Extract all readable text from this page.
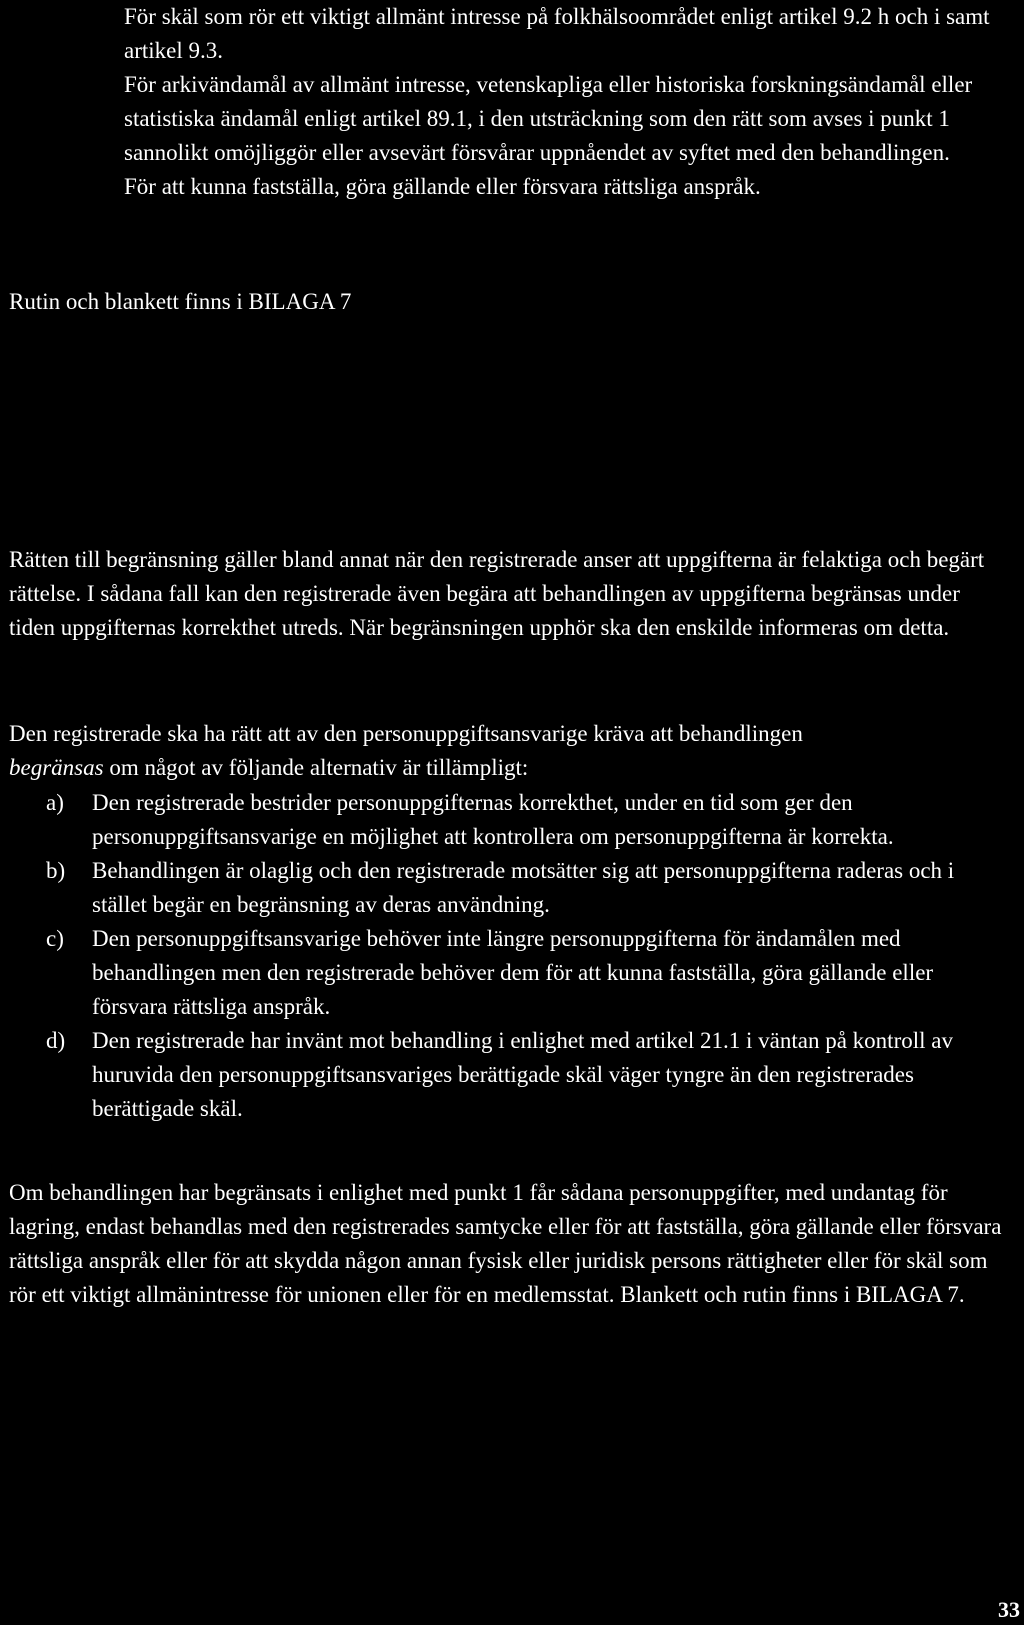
För skäl som rör ett viktigt allmänt intresse på folkhälsoområdet enligt artikel 9.2 h och i samt artikel 9.3.

För arkivändamål av allmänt intresse, vetenskapliga eller historiska forskningsändamål eller statistiska ändamål enligt artikel 89.1, i den utsträckning som den rätt som avses i punkt 1 sannolikt omöjliggör eller avsevärt försvårar uppnåendet av syftet med den behandlingen.

För att kunna fastställa, göra gällande eller försvara rättsliga anspråk.

Rutin och blankett finns i BILAGA 7

Rätten till begränsning gäller bland annat när den registrerade anser att uppgifterna är felaktiga och begärt rättelse. I sådana fall kan den registrerade även begära att behandlingen av uppgifterna begränsas under tiden uppgifternas korrekthet utreds. När begränsningen upphör ska den enskilde informeras om detta.

Den registrerade ska ha rätt att av den personuppgiftsansvarige kräva att behandlingen
begränsas om något av följande alternativ är tillämpligt:

a) Den registrerade bestrider personuppgifternas korrekthet, under en tid som ger den personuppgiftsansvarige en möjlighet att kontrollera om personuppgifterna är korrekta.
b) Behandlingen är olaglig och den registrerade motsätter sig att personuppgifterna raderas och i stället begär en begränsning av deras användning.
c) Den personuppgiftsansvarige behöver inte längre personuppgifterna för ändamålen med behandlingen men den registrerade behöver dem för att kunna fastställa, göra gällande eller försvara rättsliga anspråk.
d) Den registrerade har invänt mot behandling i enlighet med artikel 21.1 i väntan på kontroll av huruvida den personuppgiftsansvariges berättigade skäl väger tyngre än den registrerades berättigade skäl.

Om behandlingen har begränsats i enlighet med punkt 1 får sådana personuppgifter, med undantag för lagring, endast behandlas med den registrerades samtycke eller för att fastställa, göra gällande eller försvara rättsliga anspråk eller för att skydda någon annan fysisk eller juridisk persons rättigheter eller för skäl som rör ett viktigt allmänintresse för unionen eller för en medlemsstat. Blankett och rutin finns i BILAGA 7.

33
